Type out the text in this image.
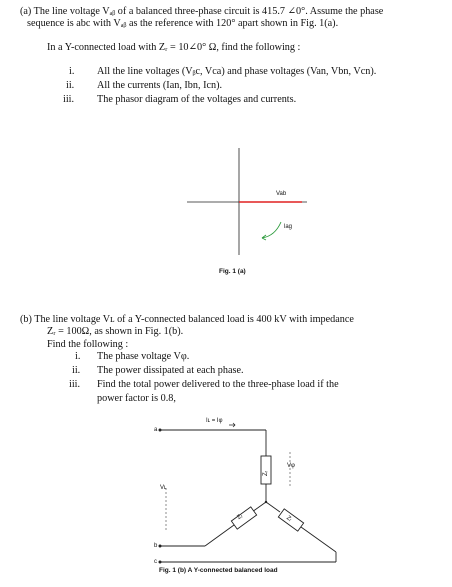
(a) The line voltage Vₐᵦ of a balanced three-phase circuit is 415.7 ∠0°. Assume the phase
sequence is abc with Vₐᵦ as the reference with 120° apart shown in Fig. 1(a).
In a Y-connected load with Zᵣ = 10∠0° Ω, find the following :
i. All the line voltages (Vᵦc, Vca) and phase voltages (Van, Vbn, Vcn).
ii. All the currents (Ian, Ibn, Icn).
iii. The phasor diagram of the voltages and currents.
Vab
lag
Fig. 1 (a)
(b) The line voltage Vʟ of a Y-connected balanced load is 400 kV with impedance
Zᵣ = 100Ω, as shown in Fig. 1(b).
Find the following :
i. The phase voltage Vφ.
ii. The power dissipated at each phase.
iii. Find the total power delivered to the three-phase load if the
power factor is 0.8,
Iʟ = Iφ
a
b
c
Vʟ
Vφ
Zᵣ
Zᵣ	Zᵣ
Fig. 1 (b) A Y-connected balanced load
